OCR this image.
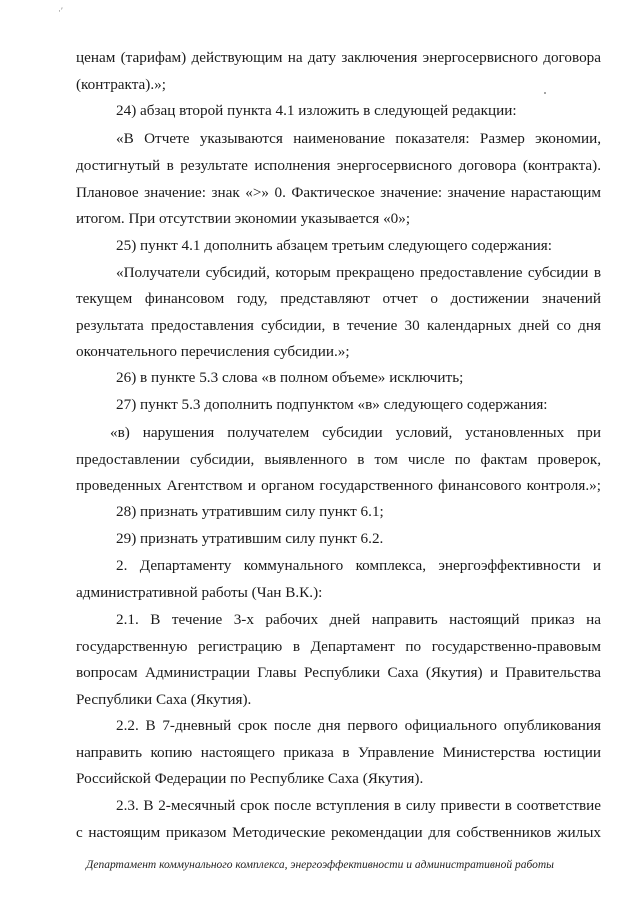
·′
ценам (тарифам) действующим на дату заключения энергосервисного договора
(контракта).»;
24) абзац второй пункта 4.1 изложить в следующей редакции:
«В Отчете указываются наименование показателя: Размер экономии,
достигнутый в результате исполнения энергосервисного договора (контракта).
Плановое значение: знак «>» 0. Фактическое значение: значение нарастающим
итогом. При отсутствии экономии указывается «0»;
25) пункт 4.1 дополнить абзацем третьим следующего содержания:
«Получатели субсидий, которым прекращено предоставление субсидии в
текущем финансовом году, представляют отчет о достижении значений
результата предоставления субсидии, в течение 30 календарных дней со дня
окончательного перечисления субсидии.»;
26) в пункте 5.3 слова «в полном объеме» исключить;
27) пункт 5.3 дополнить подпунктом «в» следующего содержания:
«в) нарушения получателем субсидии условий, установленных при
предоставлении субсидии, выявленного в том числе по фактам проверок,
проведенных Агентством и органом государственного финансового контроля.»;
28) признать утратившим силу пункт 6.1;
29) признать утратившим силу пункт 6.2.
2. Департаменту коммунального комплекса, энергоэффективности и
административной работы (Чан В.К.):
2.1. В течение 3-х рабочих дней направить настоящий приказ на
государственную регистрацию в Департамент по государственно-правовым
вопросам Администрации Главы Республики Саха (Якутия) и Правительства
Республики Саха (Якутия).
2.2. В 7-дневный срок после дня первого официального опубликования
направить копию настоящего приказа в Управление Министерства юстиции
Российской Федерации по Республике Саха (Якутия).
2.3. В 2-месячный срок после вступления в силу привести в соответствие
с настоящим приказом Методические рекомендации для собственников жилых
Департамент коммунального комплекса, энергоэффективности и административной работы
